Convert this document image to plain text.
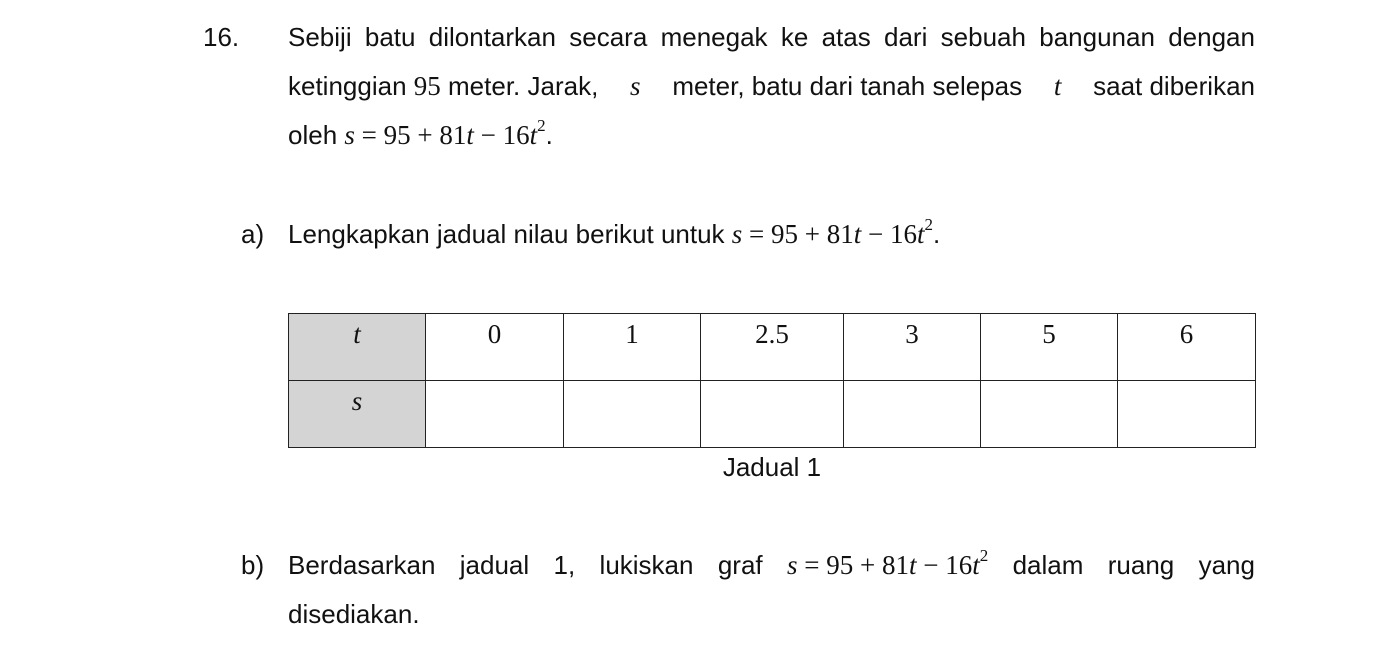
16. Sebiji batu dilontarkan secara menegak ke atas dari sebuah bangunan dengan
ketinggian 95 meter. Jarak, s meter, batu dari tanah selepas t saat diberikan
oleh $s = 95 + 81t - 16t^2$.
a) Lengkapkan jadual nilau berikut untuk $s = 95 + 81t - 16t^2$.
t	0	1	2.5	3	5	6
s						
Jadual 1
b) Berdasarkan jadual 1, lukiskan graf $s = 95 + 81t - 16t^2$ dalam ruang yang
disediakan.
